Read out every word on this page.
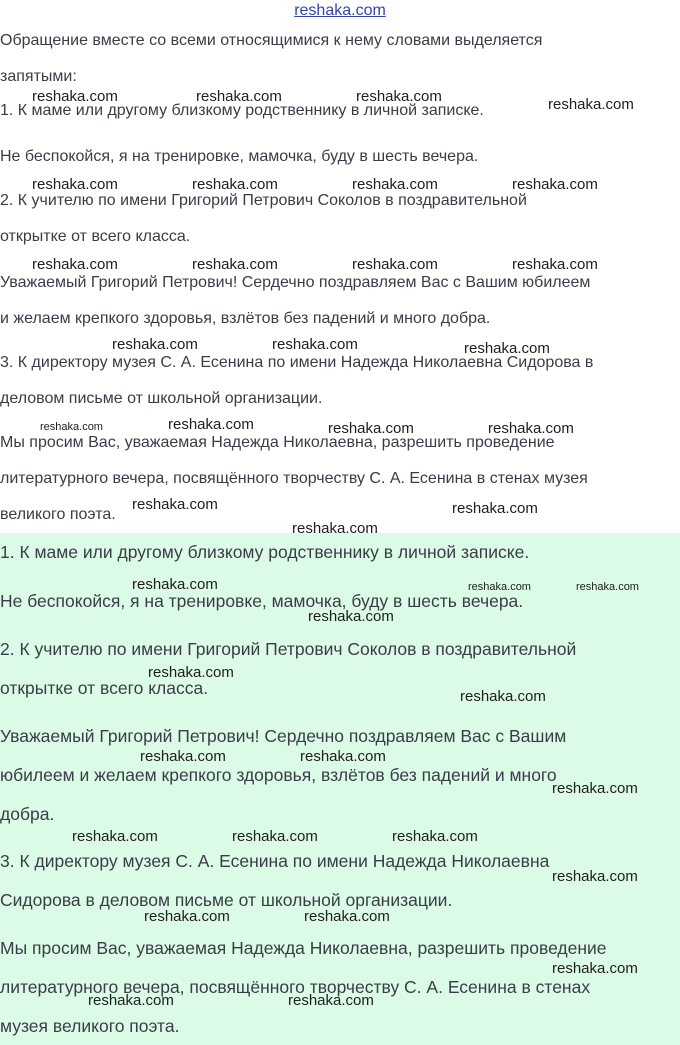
reshaka.com
Обращение вместе со всеми относящимися к нему словами выделяется
запятыми:
1. К маме или другому близкому родственнику в личной записке.
Не беспокойся, я на тренировке, мамочка, буду в шесть вечера.
2. К учителю по имени Григорий Петрович Соколов в поздравительной
открытке от всего класса.
Уважаемый Григорий Петрович! Сердечно поздравляем Вас с Вашим юбилеем
и желаем крепкого здоровья, взлётов без падений и много добра.
3. К директору музея С. А. Есенина по имени Надежда Николаевна Сидорова в
деловом письме от школьной организации.
Мы просим Вас, уважаемая Надежда Николаевна, разрешить проведение
литературного вечера, посвящённого творчеству С. А. Есенина в стенах музея
великого поэта.
1. К маме или другому близкому родственнику в личной записке.
Не беспокойся, я на тренировке, мамочка, буду в шесть вечера.
2. К учителю по имени Григорий Петрович Соколов в поздравительной
открытке от всего класса.
Уважаемый Григорий Петрович! Сердечно поздравляем Вас с Вашим
юбилеем и желаем крепкого здоровья, взлётов без падений и много
добра.
3. К директору музея С. А. Есенина по имени Надежда Николаевна
Сидорова в деловом письме от школьной организации.
Мы просим Вас, уважаемая Надежда Николаевна, разрешить проведение
литературного вечера, посвящённого творчеству С. А. Есенина в стенах
музея великого поэта.
reshaka.com	reshaka.com	reshaka.com	reshaka.com
reshaka.com	reshaka.com	reshaka.com	reshaka.com
reshaka.com	reshaka.com	reshaka.com	reshaka.com
reshaka.com	reshaka.com	reshaka.com
reshaka.com	reshaka.com	reshaka.com	reshaka.com
reshaka.com	reshaka.com
reshaka.com
reshaka.com	reshaka.com	reshaka.com
reshaka.com
reshaka.com
reshaka.com
reshaka.com	reshaka.com
reshaka.com
reshaka.com	reshaka.com	reshaka.com
reshaka.com
reshaka.com	reshaka.com
reshaka.com
reshaka.com	reshaka.com
